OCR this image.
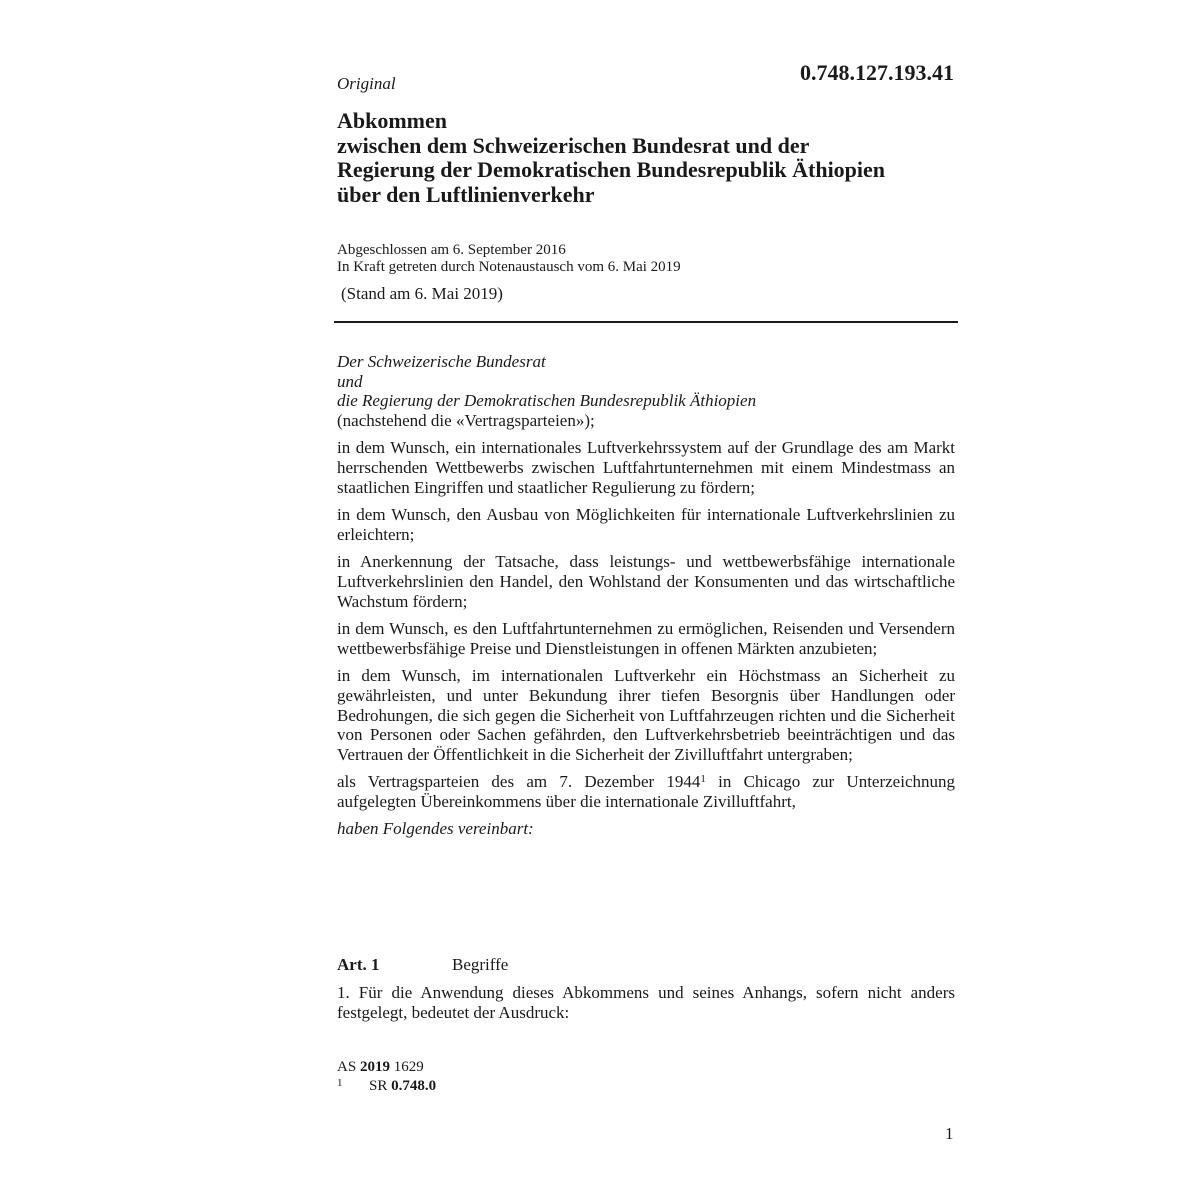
Original	0.748.127.193.41
Abkommen
zwischen dem Schweizerischen Bundesrat und der
Regierung der Demokratischen Bundesrepublik Äthiopien
über den Luftlinienverkehr
Abgeschlossen am 6. September 2016
In Kraft getreten durch Notenaustausch vom 6. Mai 2019
(Stand am 6. Mai 2019)
Der Schweizerische Bundesrat
und
die Regierung der Demokratischen Bundesrepublik Äthiopien
(nachstehend die «Vertragsparteien»);

in dem Wunsch, ein internationales Luftverkehrssystem auf der Grundlage des am Markt herrschenden Wettbewerbs zwischen Luftfahrtunternehmen mit einem Mindestmass an staatlichen Eingriffen und staatlicher Regulierung zu fördern;

in dem Wunsch, den Ausbau von Möglichkeiten für internationale Luftverkehrslinien zu erleichtern;

in Anerkennung der Tatsache, dass leistungs- und wettbewerbsfähige internationale Luftverkehrslinien den Handel, den Wohlstand der Konsumenten und das wirtschaftliche Wachstum fördern;

in dem Wunsch, es den Luftfahrtunternehmen zu ermöglichen, Reisenden und Versendern wettbewerbsfähige Preise und Dienstleistungen in offenen Märkten anzubieten;

in dem Wunsch, im internationalen Luftverkehr ein Höchstmass an Sicherheit zu gewährleisten, und unter Bekundung ihrer tiefen Besorgnis über Handlungen oder Bedrohungen, die sich gegen die Sicherheit von Luftfahrzeugen richten und die Sicherheit von Personen oder Sachen gefährden, den Luftverkehrsbetrieb beeinträchtigen und das Vertrauen der Öffentlichkeit in die Sicherheit der Zivilluftfahrt untergraben;

als Vertragsparteien des am 7. Dezember 1944$^1$ in Chicago zur Unterzeichnung aufgelegten Übereinkommens über die internationale Zivilluftfahrt,

haben Folgendes vereinbart:
Art. 1	Begriffe
1. Für die Anwendung dieses Abkommens und seines Anhangs, sofern nicht anders festgelegt, bedeutet der Ausdruck:
AS 2019 1629
1 SR 0.748.0
1
